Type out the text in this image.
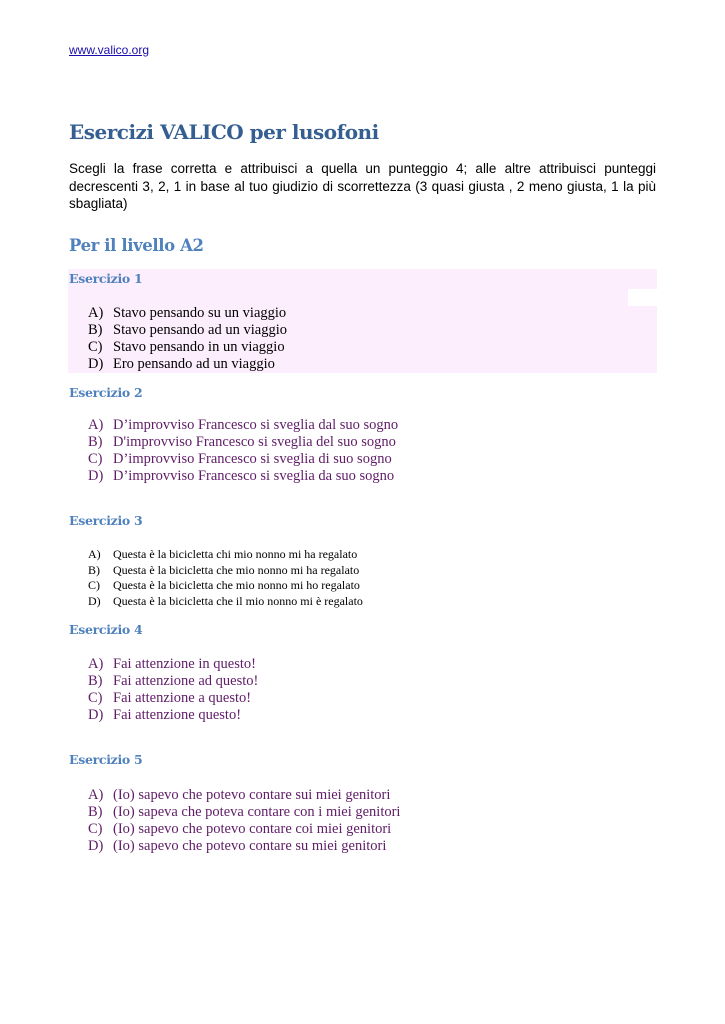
www.valico.org
Esercizi VALICO per lusofoni
Scegli la frase corretta e attribuisci a quella un punteggio 4; alle altre attribuisci punteggi decrescenti 3, 2, 1 in base al tuo giudizio di scorrettezza (3 quasi giusta , 2 meno giusta, 1 la più sbagliata)
Per il livello A2
Esercizio 1
A) Stavo pensando su un viaggio
B) Stavo pensando ad un viaggio
C) Stavo pensando in un viaggio
D) Ero pensando ad un viaggio
Esercizio 2
A) D’improvviso Francesco si sveglia dal suo sogno
B) D'improvviso Francesco si sveglia del suo sogno
C) D’improvviso Francesco si sveglia di suo sogno
D) D’improvviso Francesco si sveglia da suo sogno
Esercizio 3
A)	Questa è la bicicletta chi mio nonno mi ha regalato
B)	Questa è la bicicletta che mio nonno mi ha regalato
C)	Questa è la bicicletta che mio nonno mi ho regalato
D)	Questa è la bicicletta che il mio nonno mi è regalato
Esercizio 4
A) Fai attenzione in questo!
B) Fai attenzione ad questo!
C) Fai attenzione a questo!
D) Fai attenzione questo!
Esercizio 5
A) (Io) sapevo che potevo contare sui miei genitori
B) (Io) sapeva che poteva contare con i miei genitori
C) (Io) sapevo che potevo contare coi miei genitori
D) (Io) sapevo che potevo contare su miei genitori
